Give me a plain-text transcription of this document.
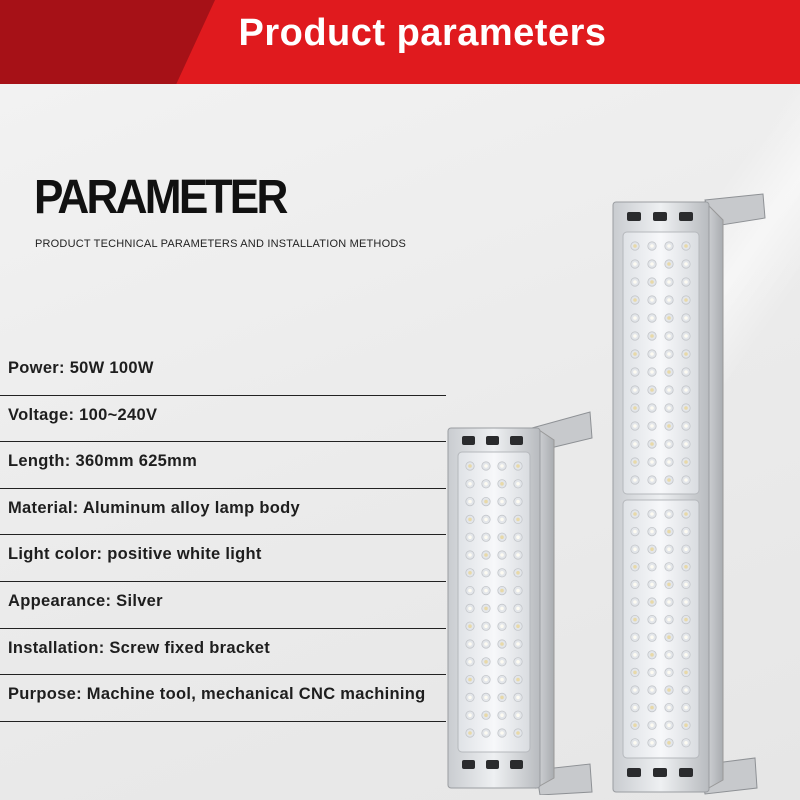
Product parameters
PARAMETER
PRODUCT TECHNICAL PARAMETERS AND INSTALLATION METHODS
Power: 50W 100W
Voltage: 100~240V
Length: 360mm 625mm
Material: Aluminum alloy lamp body
Light color: positive white light
Appearance: Silver
Installation: Screw fixed bracket
Purpose: Machine tool, mechanical CNC machining
